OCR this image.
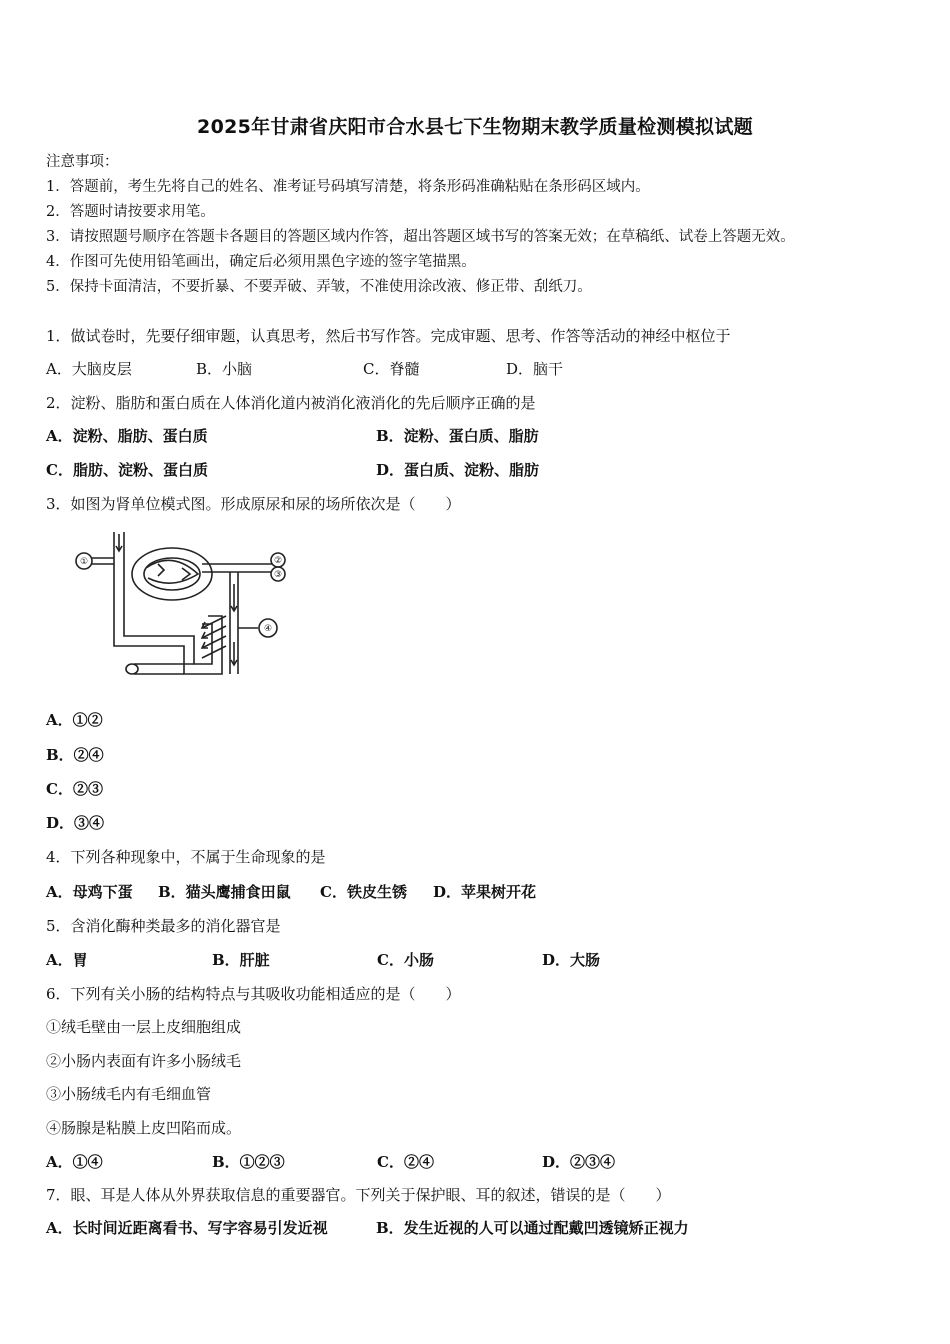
2025年甘肃省庆阳市合水县七下生物期末教学质量检测模拟试题
注意事项：
1．答题前，考生先将自己的姓名、准考证号码填写清楚，将条形码准确粘贴在条形码区域内。
2．答题时请按要求用笔。
3．请按照题号顺序在答题卡各题目的答题区域内作答，超出答题区域书写的答案无效；在草稿纸、试卷上答题无效。
4．作图可先使用铅笔画出，确定后必须用黑色字迹的签字笔描黑。
5．保持卡面清洁，不要折暴、不要弄破、弄皱，不准使用涂改液、修正带、刮纸刀。
1．做试卷时，先要仔细审题，认真思考，然后书写作答。完成审题、思考、作答等活动的神经中枢位于
A．大脑皮层	B．小脑	C．脊髓	D．脑干
2．淀粉、脂肪和蛋白质在人体消化道内被消化液消化的先后顺序正确的是
A．淀粉、脂肪、蛋白质	B．淀粉、蛋白质、脂肪
C．脂肪、淀粉、蛋白质	D．蛋白质、淀粉、脂肪
3．如图为肾单位模式图。形成原尿和尿的场所依次是（　　）
①	②
③
④
A．①②
B．②④
C．②③
D．③④
4．下列各种现象中，不属于生命现象的是
A．母鸡下蛋 B．猫头鹰捕食田鼠 C．铁皮生锈 D．苹果树开花
5．含消化酶种类最多的消化器官是
A．胃	B．肝脏	C．小肠	D．大肠
6．下列有关小肠的结构特点与其吸收功能相适应的是（　　）
①绒毛壁由一层上皮细胞组成
②小肠内表面有许多小肠绒毛
③小肠绒毛内有毛细血管
④肠腺是粘膜上皮凹陷而成。
A．①④	B．①②③	C．②④	D．②③④
7．眼、耳是人体从外界获取信息的重要器官。下列关于保护眼、耳的叙述，错误的是（　　）
A．长时间近距离看书、写字容易引发近视	B．发生近视的人可以通过配戴凹透镜矫正视力
